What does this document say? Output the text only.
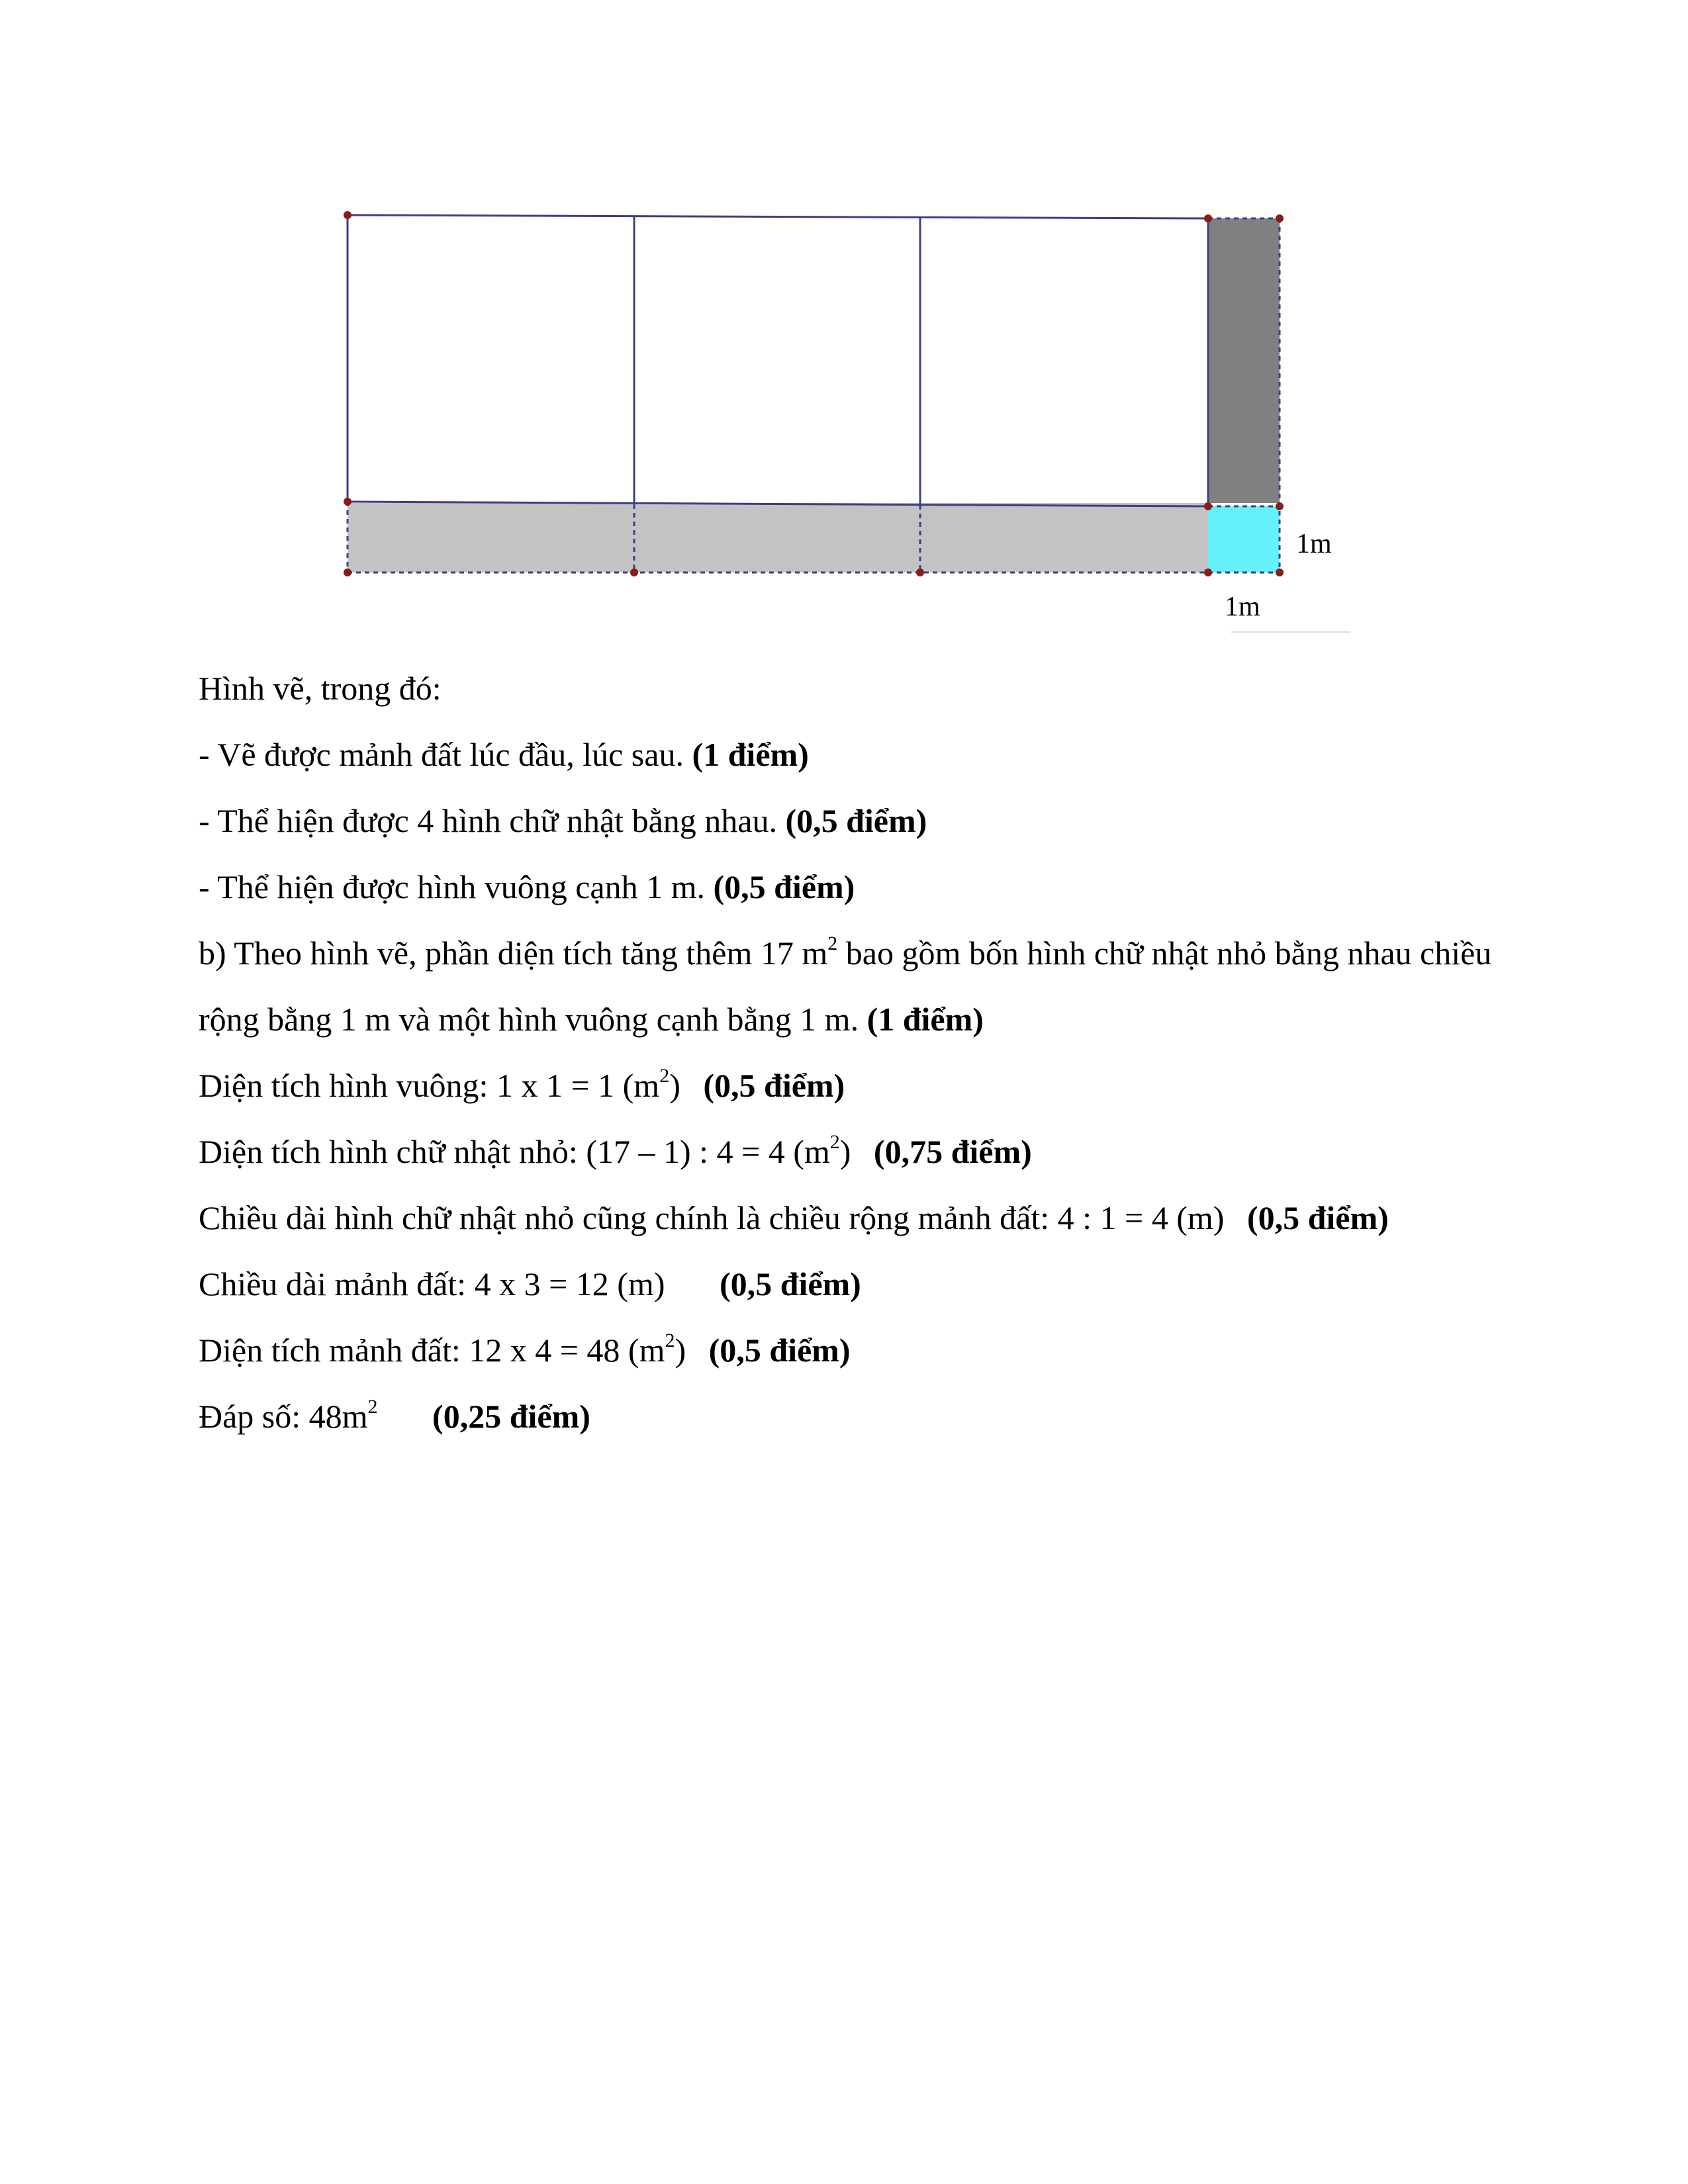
1m
1m
Hình vẽ, trong đó:
- Vẽ được mảnh đất lúc đầu, lúc sau. (1 điểm)
- Thể hiện được 4 hình chữ nhật bằng nhau. (0,5 điểm)
- Thể hiện được hình vuông cạnh 1 m. (0,5 điểm)
b) Theo hình vẽ, phần diện tích tăng thêm 17 $m^2$ bao gồm bốn hình chữ nhật nhỏ bằng nhau chiều rộng bằng 1 m và một hình vuông cạnh bằng 1 m. (1 điểm)
Diện tích hình vuông: 1 x 1 = 1 $(m^2)$ (0,5 điểm)
Diện tích hình chữ nhật nhỏ: (17 – 1) : 4 = 4 $(m^2)$ (0,75 điểm)
Chiều dài hình chữ nhật nhỏ cũng chính là chiều rộng mảnh đất: 4 : 1 = 4 (m) (0,5 điểm)
Chiều dài mảnh đất: 4 x 3 = 12 (m) (0,5 điểm)
Diện tích mảnh đất: 12 x 4 = 48 $(m^2)$ (0,5 điểm)
Đáp số: $48m^2$ (0,25 điểm)
